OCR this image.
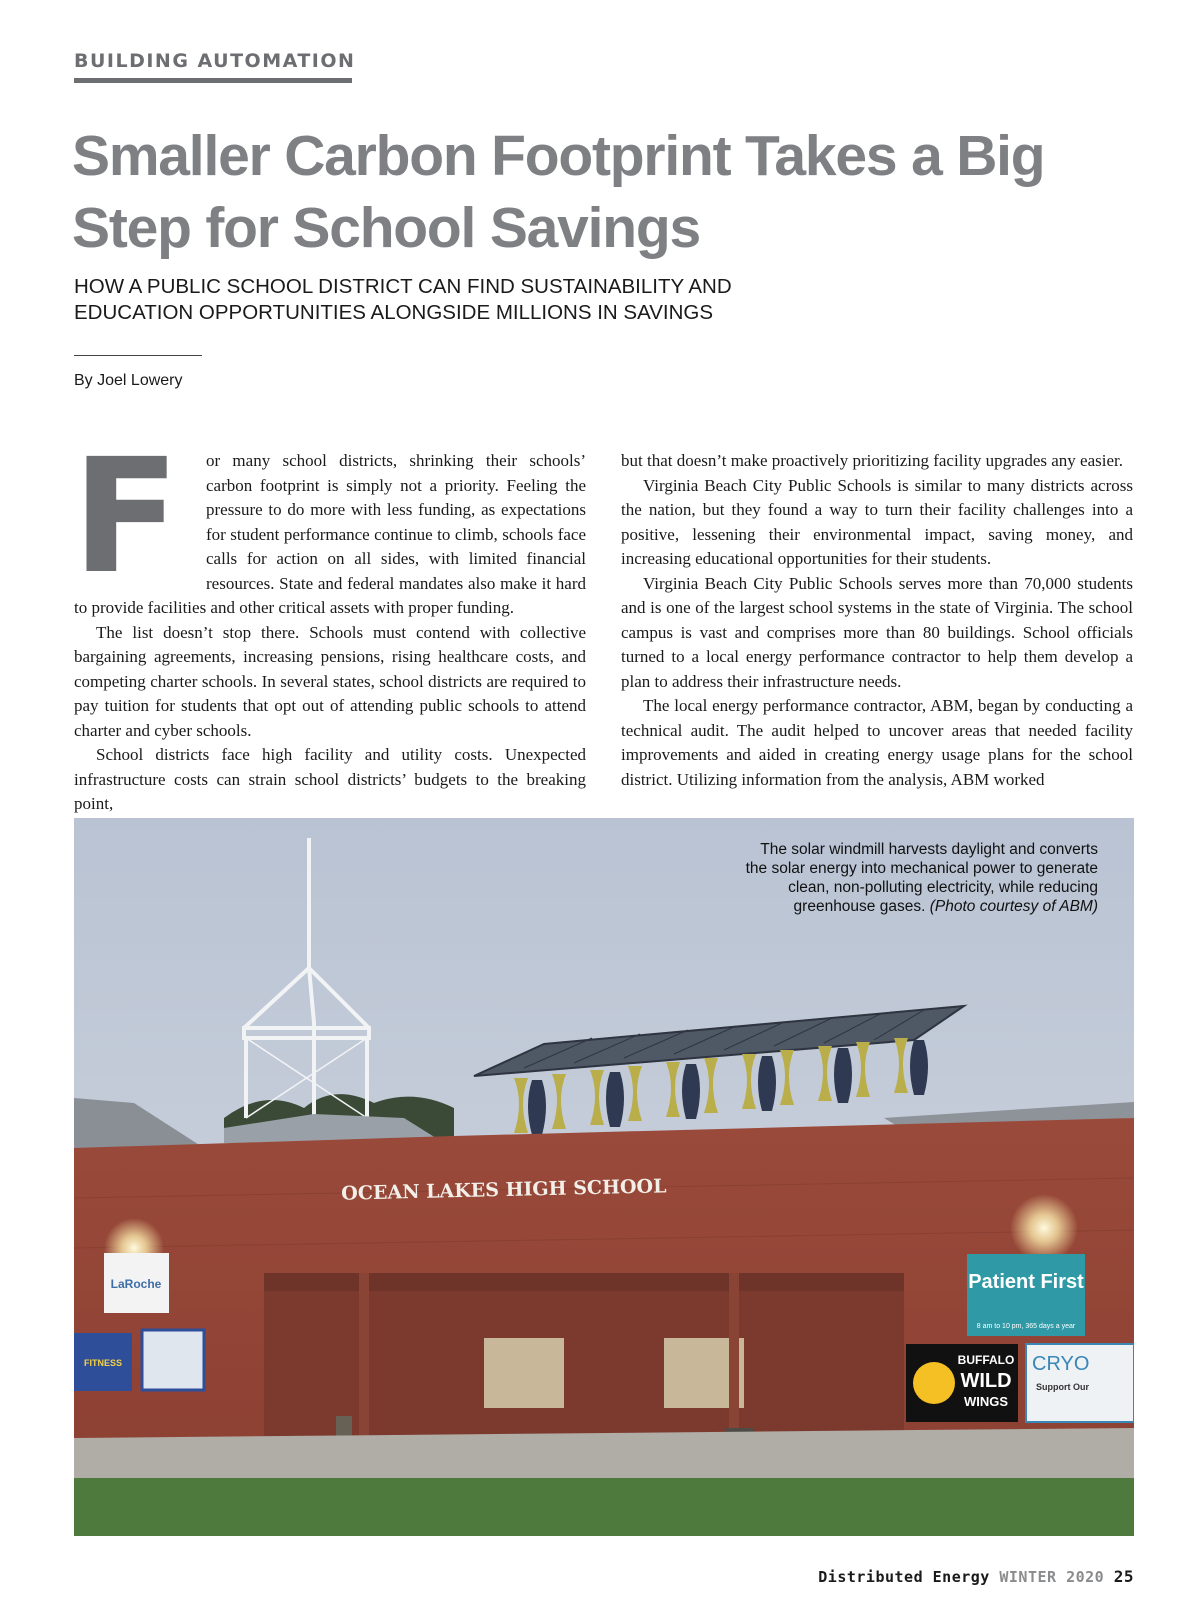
BUILDING AUTOMATION
Smaller Carbon Footprint Takes a Big
Step for School Savings
HOW A PUBLIC SCHOOL DISTRICT CAN FIND SUSTAINABILITY AND
EDUCATION OPPORTUNITIES ALONGSIDE MILLIONS IN SAVINGS
By Joel Lowery

F	or many school districts, shrinking their schools’ carbon footprint is simply not a priority. Feeling the pressure to do more with less funding, as expectations for student performance continue to climb, schools face calls for action on all sides, with limited financial resources. State and federal mandates also make it hard to provide facilities and other critical assets with proper funding.

The list doesn’t stop there. Schools must contend with collective bargaining agreements, increasing pensions, rising healthcare costs, and competing charter schools. In several states, school districts are required to pay tuition for students that opt out of attending public schools to attend charter and cyber schools.

School districts face high facility and utility costs. Unexpected infrastructure costs can strain school districts’ budgets to the breaking point,

but that doesn’t make proactively prioritizing facility upgrades any easier.

Virginia Beach City Public Schools is similar to many districts across the nation, but they found a way to turn their facility challenges into a positive, lessening their environmental impact, saving money, and increasing educational opportunities for their students.

Virginia Beach City Public Schools serves more than 70,000 students and is one of the largest school systems in the state of Virginia. The school campus is vast and comprises more than 80 buildings. School officials turned to a local energy performance contractor to help them develop a plan to address their infrastructure needs.

The local energy performance contractor, ABM, began by conducting a technical audit. The audit helped to uncover areas that needed facility improvements and aided in creating energy usage plans for the school district. Utilizing information from the analysis, ABM worked

OCEAN LAKES HIGH SCHOOL
LaRoche
FITNESS
Patient First
8 am to 10 pm, 365 days a year
BUFFALO
WILD
WINGS
CRYO
Support Our
The solar windmill harvests daylight and converts the solar energy into mechanical power to generate clean, non-polluting electricity, while reducing greenhouse gases. (Photo courtesy of ABM)
Distributed Energy WINTER 2020 25
